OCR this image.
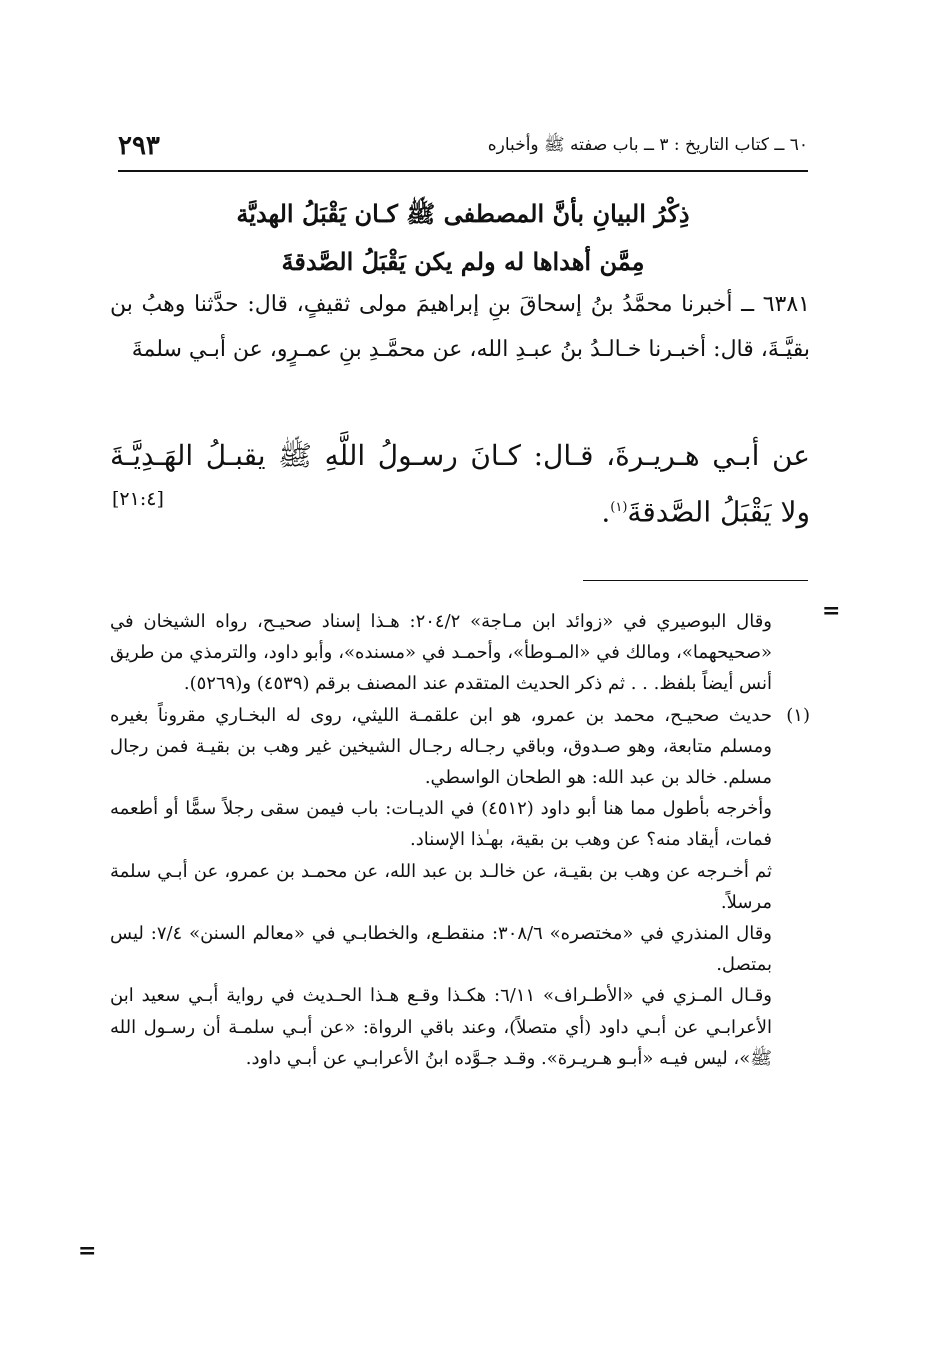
٦٠ ــ كتاب التاريخ : ٣ ــ باب صفته ﷺ وأخباره
٢٩٣
ذِكْرُ البيانِ بأنَّ المصطفى ﷺ كـان يَقْبَلُ الهديَّة
مِمَّن أهداها له ولم يكن يَقْبَلُ الصَّدقةَ
٦٣٨١ ــ أخبرنا محمَّدُ بنُ إسحاقَ بنِ إبراهيمَ مولى ثقيفٍ، قال: حدَّثنا وهبُ بن بقيَّـةَ، قال: أخبـرنا خـالـدُ بنُ عبـدِ الله، عن محمَّـدِ بنِ عمـرٍو، عن أبـي سلمةَ
عن أبـي هـريـرةَ، قـال: كـانَ رسـولُ اللَّهِ ﷺ يقبـلُ الهَـدِيَّـةَ ولا يَقْبَلُ الصَّدقةَ$^{(١)}$.
[٢١:٤]
=
=

وقال البوصيري في «زوائد ابن مـاجة» ٢٠٤/٢: هـذا إسناد صحيـح، رواه الشيخان في «صحيحهما»، ومالك في «المـوطأ»، وأحمـد في «مسنده»، وأبو داود، والترمذي من طريق أنس أيضاً بلفظ. . . ثم ذكر الحديث المتقدم عند المصنف برقم (٤٥٣٩) و(٥٢٦٩).

(١)حديث صحيـح، محمد بن عمرو، هو ابن علقمـة الليثي، روى له البخـاري مقروناً بغيره ومسلم متابعة، وهو صـدوق، وباقي رجـاله رجـال الشيخين غير وهب بن بقيـة فمن رجال مسلم. خالد بن عبد الله: هو الطحان الواسطي.

وأخرجه بأطول مما هنا أبو داود (٤٥١٢) في الديـات: باب فيمن سقى رجلاً سمًّا أو أطعمه فمات، أيقاد منه؟ عن وهب بن بقية، بهـٰذا الإسناد.

ثم أخـرجه عن وهب بن بقيـة، عن خالـد بن عبد الله، عن محمـد بن عمرو، عن أبـي سلمة مرسلاً.

وقال المنذري في «مختصره» ٣٠٨/٦: منقطـع، والخطابـي في «معالم السنن» ٧/٤: ليس بمتصل.

وقـال المـزي في «الأطـراف» ٦/١١: هكـذا وقـع هـذا الحـديث في رواية أبـي سعيد ابن الأعرابـي عن أبـي داود (أي متصلاً)، وعند باقي الرواة: «عن أبـي سلمـة أن رسـول الله ﷺ»، ليس فيـه «أبـو هـريـرة». وقـد جـوَّده ابنُ الأعرابـي عن أبـي داود.
